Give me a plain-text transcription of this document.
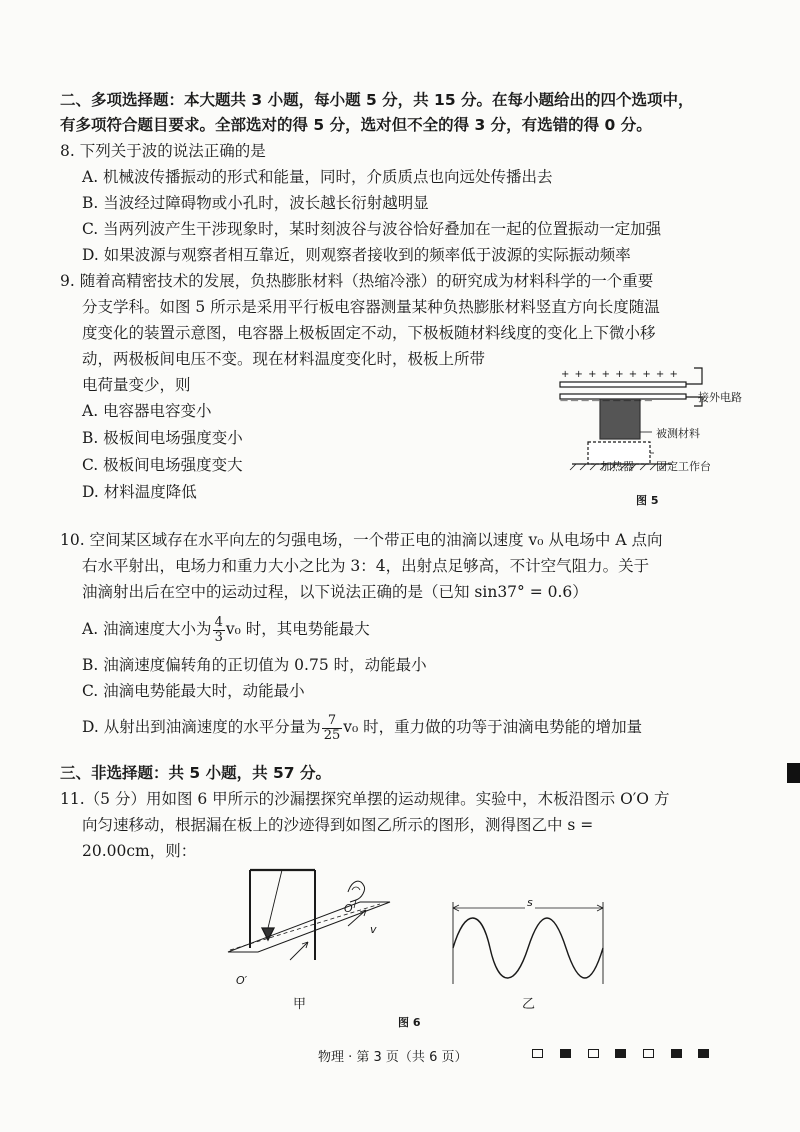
二、多项选择题：本大题共 3 小题，每小题 5 分，共 15 分。在每小题给出的四个选项中，
有多项符合题目要求。全部选对的得 5 分，选对但不全的得 3 分，有选错的得 0 分。
8. 下列关于波的说法正确的是
A. 机械波传播振动的形式和能量，同时，介质质点也向远处传播出去
B. 当波经过障碍物或小孔时，波长越长衍射越明显
C. 当两列波产生干涉现象时，某时刻波谷与波谷恰好叠加在一起的位置振动一定加强
D. 如果波源与观察者相互靠近，则观察者接收到的频率低于波源的实际振动频率
9. 随着高精密技术的发展，负热膨胀材料（热缩冷涨）的研究成为材料科学的一个重要
分支学科。如图 5 所示是采用平行板电容器测量某种负热膨胀材料竖直方向长度随温
度变化的装置示意图，电容器上极板固定不动，下极板随材料线度的变化上下微小移
动，两极板间电压不变。现在材料温度变化时，极板上所带
电荷量变少，则
A. 电容器电容变小
B. 极板间电场强度变小
C. 极板间电场强度变大
D. 材料温度降低
+ + + + + + + + +
— — — — — — — — —	接外电路
被测材料
加热器 固定工作台
图 5
10. 空间某区域存在水平向左的匀强电场，一个带正电的油滴以速度 v₀ 从电场中 A 点向
右水平射出，电场力和重力大小之比为 3：4，出射点足够高，不计空气阻力。关于
油滴射出后在空中的运动过程，以下说法正确的是（已知 sin37° = 0.6）
A. 油滴速度大小为 $\frac{4}{3} v_0$ 时，其电势能最大
B. 油滴速度偏转角的正切值为 0.75 时，动能最小
C. 油滴电势能最大时，动能最小
D. 从射出到油滴速度的水平分量为 $\frac{7}{25} v_0$ 时，重力做的功等于油滴电势能的增加量
三、非选择题：共 5 小题，共 57 分。
11.（5 分）用如图 6 甲所示的沙漏摆探究单摆的运动规律。实验中，木板沿图示 O′O 方
向匀速移动，根据漏在板上的沙迹得到如图乙所示的图形，测得图乙中 s =
20.00cm，则：
O
O′
v
甲
s
乙
图 6
物理 · 第 3 页（共 6 页）
